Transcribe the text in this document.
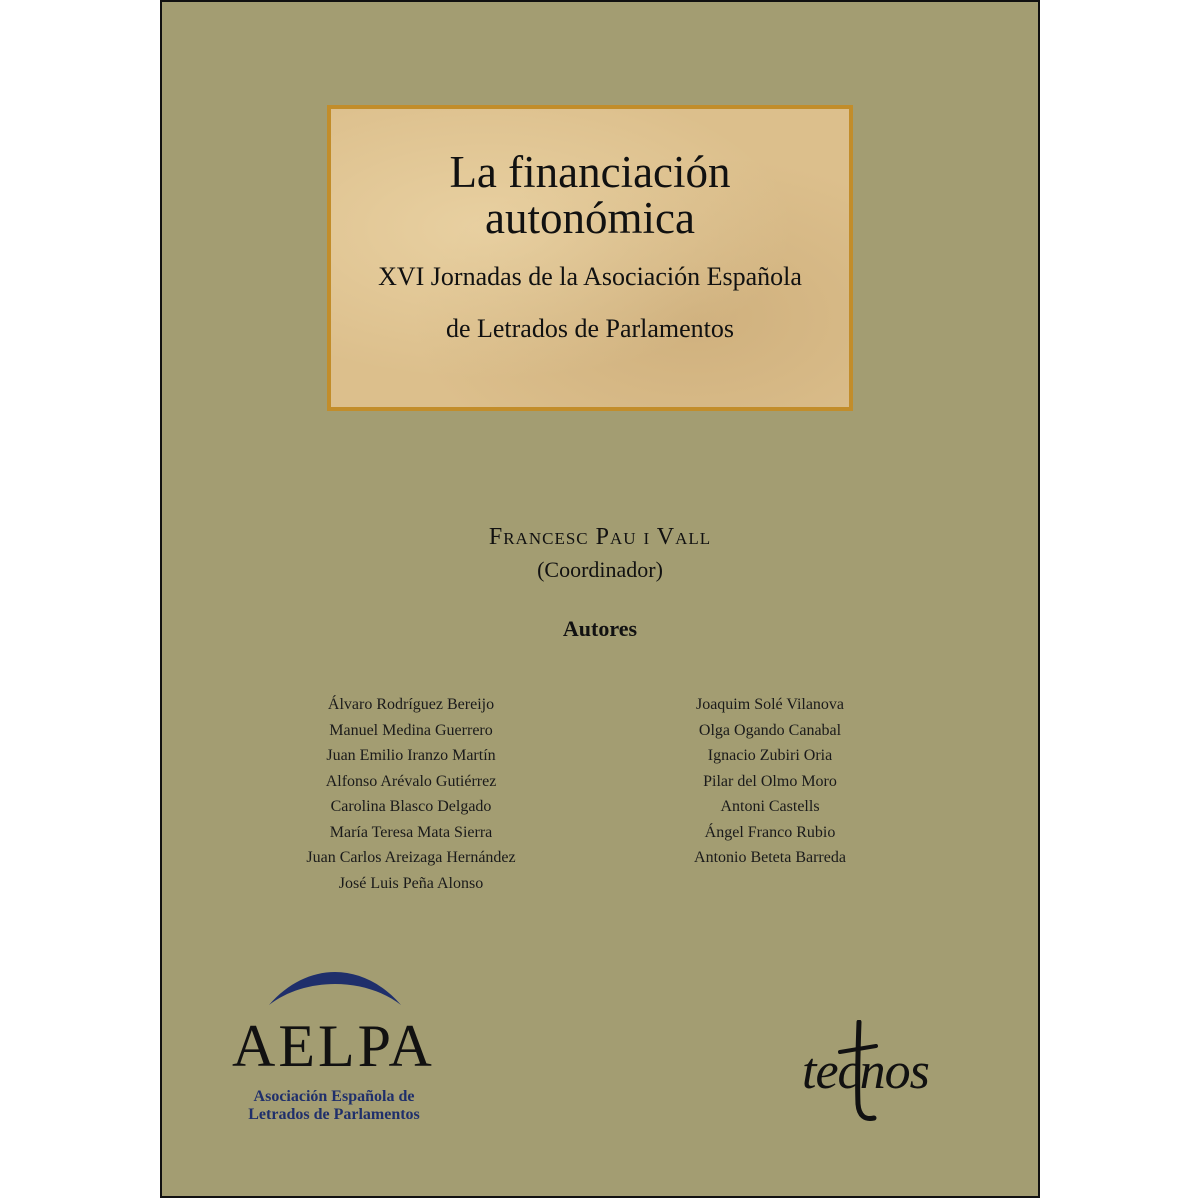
La financiación
autonómica
XVI Jornadas de la Asociación Española
de Letrados de Parlamentos
Francesc Pau i Vall
(Coordinador)
Autores
Álvaro Rodríguez Bereijo
Manuel Medina Guerrero
Juan Emilio Iranzo Martín
Alfonso Arévalo Gutiérrez
Carolina Blasco Delgado
María Teresa Mata Sierra
Juan Carlos Areizaga Hernández
José Luis Peña Alonso
Joaquim Solé Vilanova
Olga Ogando Canabal
Ignacio Zubiri Oria
Pilar del Olmo Moro
Antoni Castells
Ángel Franco Rubio
Antonio Beteta Barreda
AELPA
Asociación Española de
Letrados de Parlamentos
tecnos
